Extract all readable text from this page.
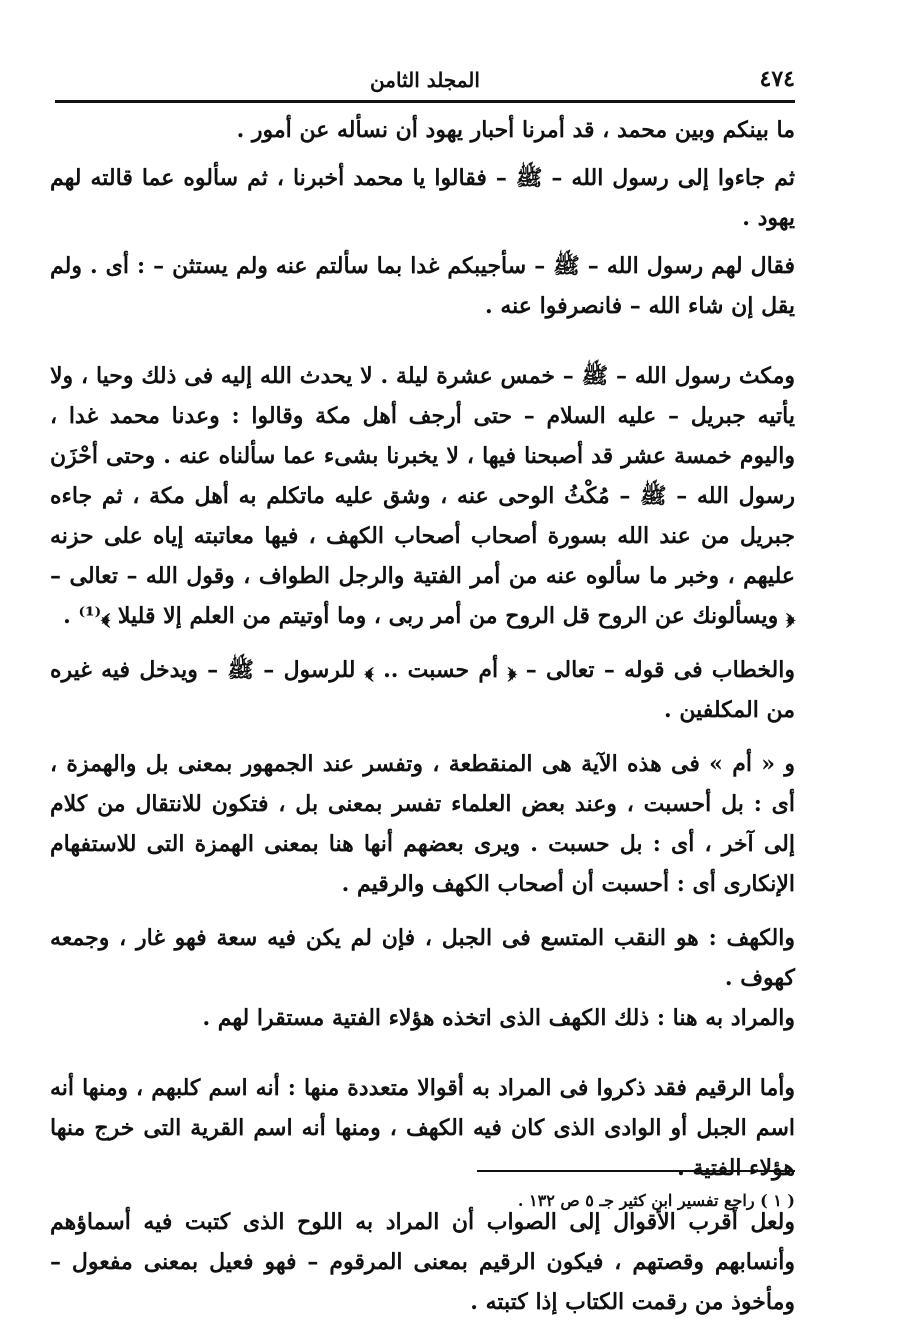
٤٧٤
المجلد الثامن

ما بينكم وبين محمد ، قد أمرنا أحبار يهود أن نسأله عن أمور .

ثم جاءوا إلى رسول الله – ﷺ – فقالوا يا محمد أخبرنا ، ثم سألوه عما قالته لهم يهود .

فقال لهم رسول الله – ﷺ – سأجيبكم غدا بما سألتم عنه ولم يستثن – : أى . ولم يقل إن شاء الله – فانصرفوا عنه .

ومكث رسول الله – ﷺ – خمس عشرة ليلة . لا يحدث الله إليه فى ذلك وحيا ، ولا يأتيه جبريل – عليه السلام – حتى أرجف أهل مكة وقالوا : وعدنا محمد غدا ، واليوم خمسة عشر قد أصبحنا فيها ، لا يخبرنا بشىء عما سألناه عنه . وحتى أحْزَن رسول الله – ﷺ – مُكْثُ الوحى عنه ، وشق عليه ماتكلم به أهل مكة ، ثم جاءه جبريل من عند الله بسورة أصحاب أصحاب الكهف ، فيها معاتبته إياه على حزنه عليهم ، وخبر ما سألوه عنه من أمر الفتية والرجل الطواف ، وقول الله – تعالى – ﴿ ويسألونك عن الروح قل الروح من أمر ربى ، وما أوتيتم من العلم إلا قليلا ﴾⁽¹⁾ .

والخطاب فى قوله – تعالى – ﴿ أم حسبت .. ﴾ للرسول – ﷺ – ويدخل فيه غيره من المكلفين .

و « أم » فى هذه الآية هى المنقطعة ، وتفسر عند الجمهور بمعنى بل والهمزة ، أى : بل أحسبت ، وعند بعض العلماء تفسر بمعنى بل ، فتكون للانتقال من كلام إلى آخر ، أى : بل حسبت . ويرى بعضهم أنها هنا بمعنى الهمزة التى للاستفهام الإنكارى أى : أحسبت أن أصحاب الكهف والرقيم .

والكهف : هو النقب المتسع فى الجبل ، فإن لم يكن فيه سعة فهو غار ، وجمعه كهوف .

والمراد به هنا : ذلك الكهف الذى اتخذه هؤلاء الفتية مستقرا لهم .

وأما الرقيم فقد ذكروا فى المراد به أقوالا متعددة منها : أنه اسم كلبهم ، ومنها أنه اسم الجبل أو الوادى الذى كان فيه الكهف ، ومنها أنه اسم القرية التى خرج منها هؤلاء الفتية .

ولعل أقرب الأقوال إلى الصواب أن المراد به اللوح الذى كتبت فيه أسماؤهم وأنسابهم وقصتهم ، فيكون الرقيم بمعنى المرقوم – فهو فعيل بمعنى مفعول – ومأخوذ من رقمت الكتاب إذا كتبته .

( ١ ) راجع تفسير ابن كثير جـ ٥ ص ١٣٢ .
